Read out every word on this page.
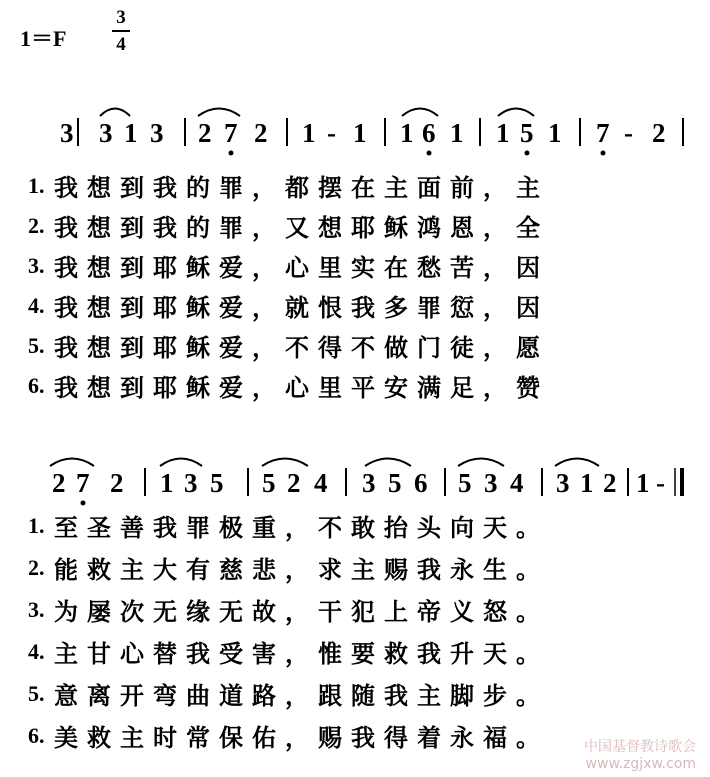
1＝F
3
4
3 3 1 3 2 7 2 1 - 1 1 6 1 1 5 1 7 - 2
1. 我想到我的罪，都摆在主面前，主
2. 我想到我的罪，又想耶稣鸿恩，全
3. 我想到耶稣爱，心里实在愁苦，因
4. 我想到耶稣爱，就恨我多罪愆，因
5. 我想到耶稣爱，不得不做门徒，愿
6. 我想到耶稣爱，心里平安满足，赞
2 7 2 1 3 5 5 2 4 3 5 6 5 3 4 3 1 2 1 -
1. 至圣善我罪极重，不敢抬头向天。
2. 能救主大有慈悲，求主赐我永生。
3. 为屡次无缘无故，干犯上帝义怒。
4. 主甘心替我受害，惟要救我升天。
5. 意离开弯曲道路，跟随我主脚步。
6. 美救主时常保佑，赐我得着永福。	中国基督教诗歌会
www.zgjxw.com
